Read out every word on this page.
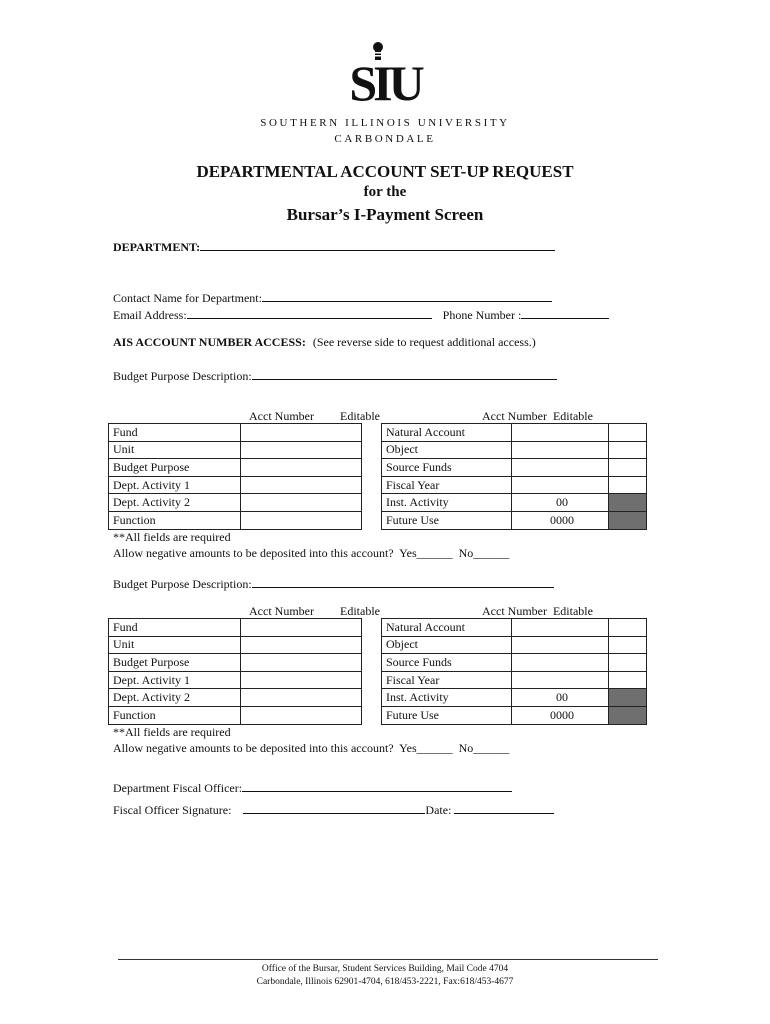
SIU
SOUTHERN ILLINOIS UNIVERSITY
CARBONDALE
DEPARTMENTAL ACCOUNT SET-UP REQUEST
for the
Bursar’s I-Payment Screen
DEPARTMENT:
Contact Name for Department:
Email Address:	Phone Number :
AIS ACCOUNT NUMBER ACCESS: (See reverse side to request additional access.)
Budget Purpose Description:
Acct Number Editable	Acct Number  Editable
Fund			Natural Account		
Unit			Object		
Budget Purpose			Source Funds		
Dept. Activity 1			Fiscal Year		
Dept. Activity 2			Inst. Activity	00	
Function			Future Use	0000	
**All fields are required
Allow negative amounts to be deposited into this account?  Yes______  No______
Budget Purpose Description:
Acct Number Editable	Acct Number  Editable
Fund			Natural Account		
Unit			Object		
Budget Purpose			Source Funds		
Dept. Activity 1			Fiscal Year		
Dept. Activity 2			Inst. Activity	00	
Function			Future Use	0000	
**All fields are required
Allow negative amounts to be deposited into this account?  Yes______  No______
Department Fiscal Officer:
Fiscal Officer Signature:	Date:
Office of the Bursar, Student Services Building, Mail Code 4704
Carbondale, Illinois 62901-4704, 618/453-2221, Fax:618/453-4677
